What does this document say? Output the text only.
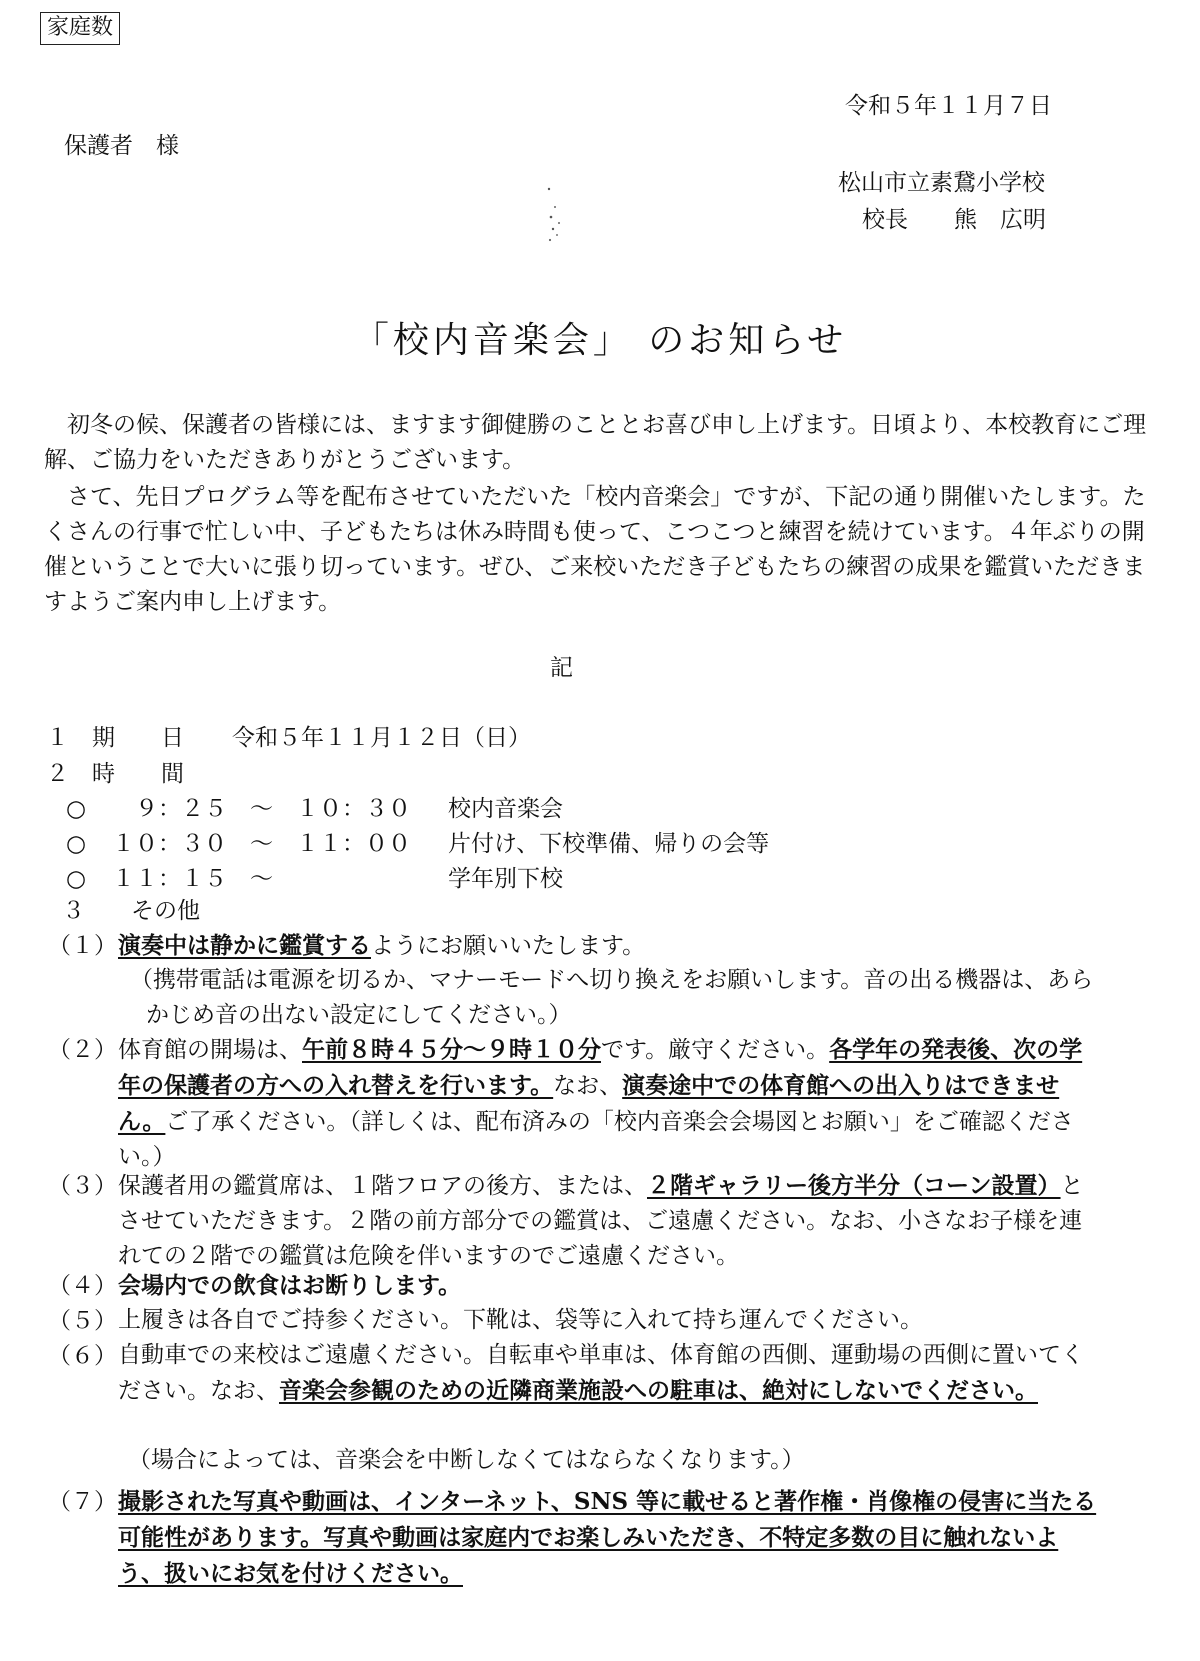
家庭数
令和５年１１月７日
保護者　様
松山市立素鵞小学校
校長　　熊　広明
「校内音楽会」 のお知らせ
初冬の候、保護者の皆様には、ますます御健勝のこととお喜び申し上げます。日頃より、本校教育にご理解、ご協力をいただきありがとうございます。
さて、先日プログラム等を配布させていただいた「校内音楽会」ですが、下記の通り開催いたします。たくさんの行事で忙しい中、子どもたちは休み時間も使って、こつこつと練習を続けています。４年ぶりの開催ということで大いに張り切っています。ぜひ、ご来校いただき子どもたちの練習の成果を鑑賞いただきますようご案内申し上げます。
記
１　期　　日 令和５年１１月１２日（日）
２　時　　間
○ 　９：２５　～　１０：３０ 校内音楽会
○ １０：３０　～　１１：００ 片付け、下校準備、帰りの会等
○ １１：１５　～	学年別下校
３　　その他
（１） 演奏中は静かに鑑賞するようにお願いいたします。
（携帯電話は電源を切るか、マナーモードへ切り換えをお願いします。音の出る機器は、あらかじめ音の出ない設定にしてください。）
（２） 体育館の開場は、午前８時４５分～９時１０分です。厳守ください。各学年の発表後、次の学年の保護者の方への入れ替えを行います。なお、演奏途中での体育館への出入りはできません。ご了承ください。（詳しくは、配布済みの「校内音楽会会場図とお願い」をご確認ください。）
（３） 保護者用の鑑賞席は、１階フロアの後方、または、２階ギャラリー後方半分（コーン設置）とさせていただきます。２階の前方部分での鑑賞は、ご遠慮ください。なお、小さなお子様を連れての２階での鑑賞は危険を伴いますのでご遠慮ください。
（４） 会場内での飲食はお断りします。
（５） 上履きは各自でご持参ください。下靴は、袋等に入れて持ち運んでください。
（６） 自動車での来校はご遠慮ください。自転車や単車は、体育館の西側、運動場の西側に置いてください。なお、音楽会参観のための近隣商業施設への駐車は、絶対にしないでください。
（場合によっては、音楽会を中断しなくてはならなくなります。）
（７） 撮影された写真や動画は、インターネット、SNS 等に載せると著作権・肖像権の侵害に当たる可能性があります。写真や動画は家庭内でお楽しみいただき、不特定多数の目に触れないよう、扱いにお気を付けください。
